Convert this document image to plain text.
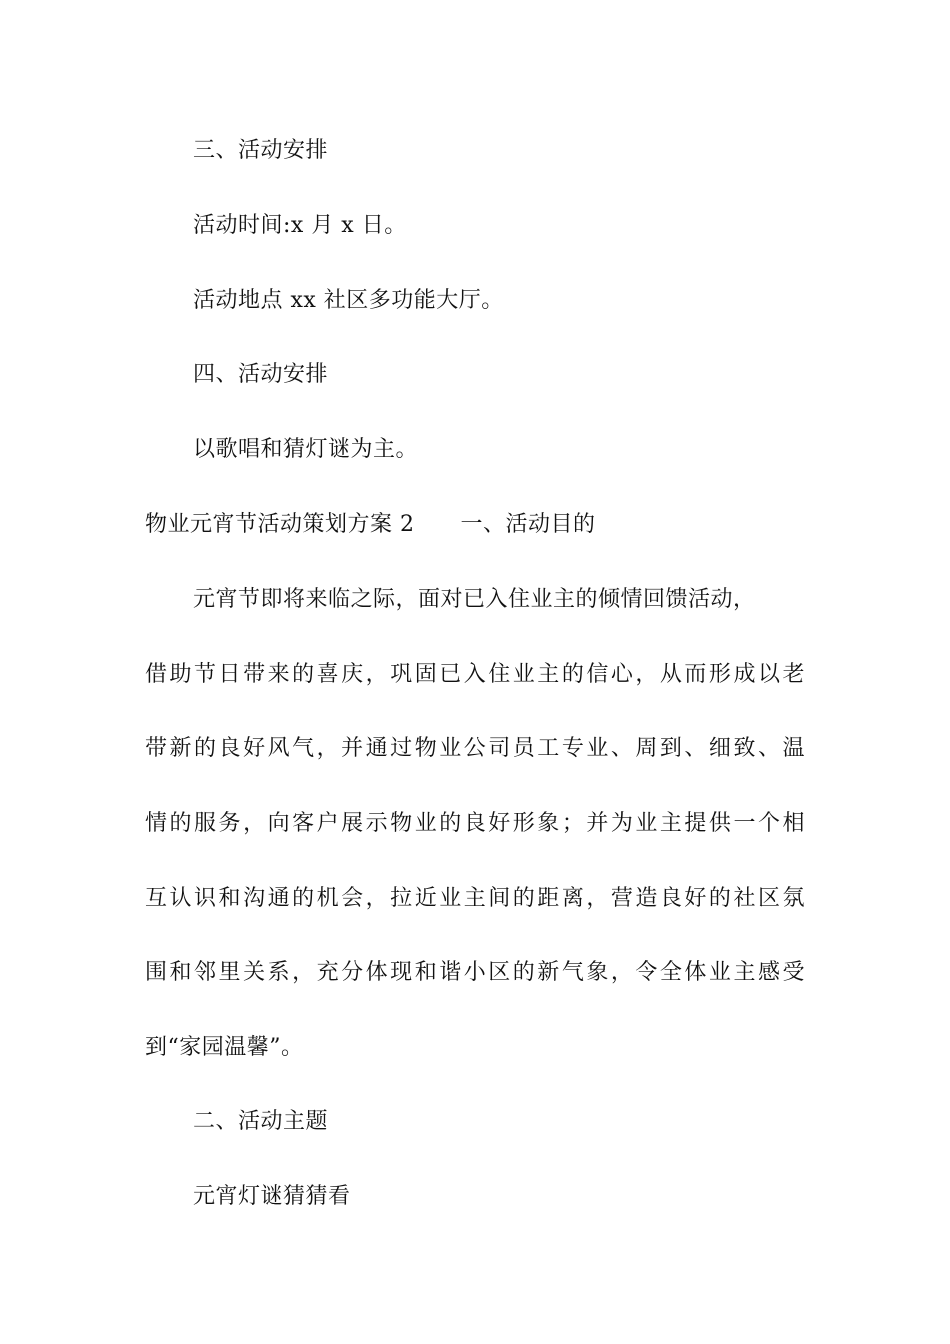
三、活动安排
活动时间:x 月 x 日。
活动地点 xx 社区多功能大厅。
四、活动安排
以歌唱和猜灯谜为主。
物业元宵节活动策划方案 2 一、活动目的
元宵节即将来临之际，面对已入住业主的倾情回馈活动，
借助节日带来的喜庆，巩固已入住业主的信心，从而形成以老
带新的良好风气，并通过物业公司员工专业、周到、细致、温
情的服务，向客户展示物业的良好形象；并为业主提供一个相
互认识和沟通的机会，拉近业主间的距离，营造良好的社区氛
围和邻里关系，充分体现和谐小区的新气象，令全体业主感受
到“家园温馨”。
二、活动主题
元宵灯谜猜猜看
